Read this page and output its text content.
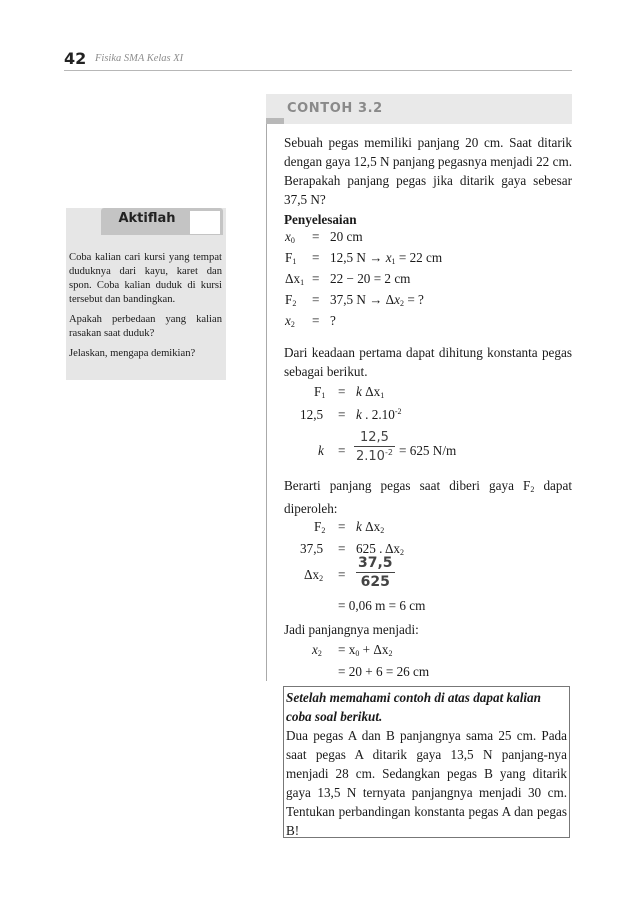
42 Fisika SMA Kelas XI
CONTOH 3.2
Sebuah pegas memiliki panjang 20 cm. Saat ditarik dengan gaya 12,5 N panjang pegasnya menjadi 22 cm. Berapakah panjang pegas jika ditarik gaya sebesar 37,5 N?
Penyelesaian
$x_0 = 20$ cm
$F_1 = 12,5$ $N \to x_1 = 22$ cm
$\Delta x_1 = 22 - 20 = 2$ cm
$F_2 = 37,5$ $N \to \Delta x_2$ = ?
$x_2$ = ?
Dari keadaan pertama dapat dihitung konstanta pegas sebagai berikut.
$F_1 = k$ $\Delta x_1$
12,5 = k . $2.10^{-2}$
k =
12,5
$2.10^{-2} = 625$ N/m
Berarti panjang pegas saat diberi gaya $F_2$ dapat diperoleh:
$F_2 = k$ $\Delta x_2$
37,5 = 625 . $\Delta x_2$
$\Delta x_2$ =
37,5
625
= 0,06 m = 6 cm
Jadi panjangnya menjadi:
$x_2 = x_0 + \Delta x_2$
= 20 + 6 = 26 cm
Aktiflah

Coba kalian cari kursi yang tempat duduknya dari kayu, karet dan spon. Coba kalian duduk di kursi tersebut dan bandingkan.

Apakah perbedaan yang kalian rasakan saat duduk?

Jelaskan, mengapa demikian?

Setelah memahami contoh di atas dapat kalian coba soal berikut.
Dua pegas A dan B panjangnya sama 25 cm. Pada saat pegas A ditarik gaya 13,5 N panjang-nya menjadi 28 cm. Sedangkan pegas B yang ditarik gaya 13,5 N ternyata panjangnya menjadi 30 cm. Tentukan perbandingan konstanta pegas A dan pegas B!
